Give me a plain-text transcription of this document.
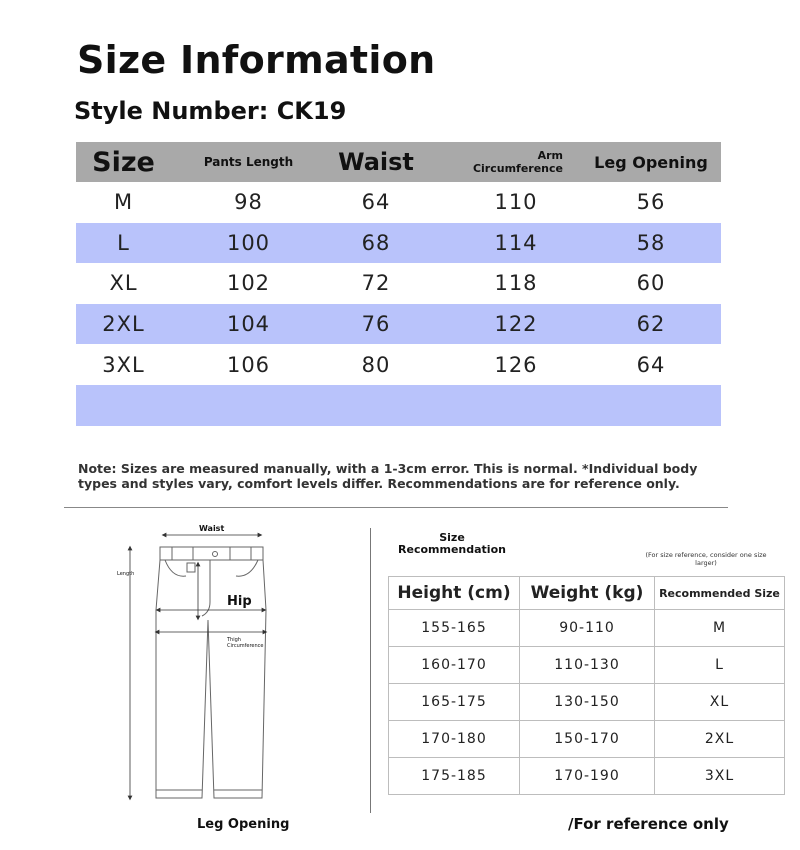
Size Information
Style Number: CK19
Size	Pants Length	Waist	Arm
Circumference	Leg Opening
M	98	64	110	56
L	100	68	114	58
XL	102	72	118	60
2XL	104	76	122	62
3XL	106	80	126	64
Note: Sizes are measured manually, with a 1-3cm error. This is normal. *Individual body types and styles vary, comfort levels differ. Recommendations are for reference only.
Waist
Length
Hip
Thigh Circumference
Leg Opening
Size
Recommendation	(For size reference, consider one size larger)
Height (cm)	Weight (kg)	Recommended Size
155-165	90-110	M
160-170	110-130	L
165-175	130-150	XL
170-180	150-170	2XL
175-185	170-190	3XL
/For reference only
